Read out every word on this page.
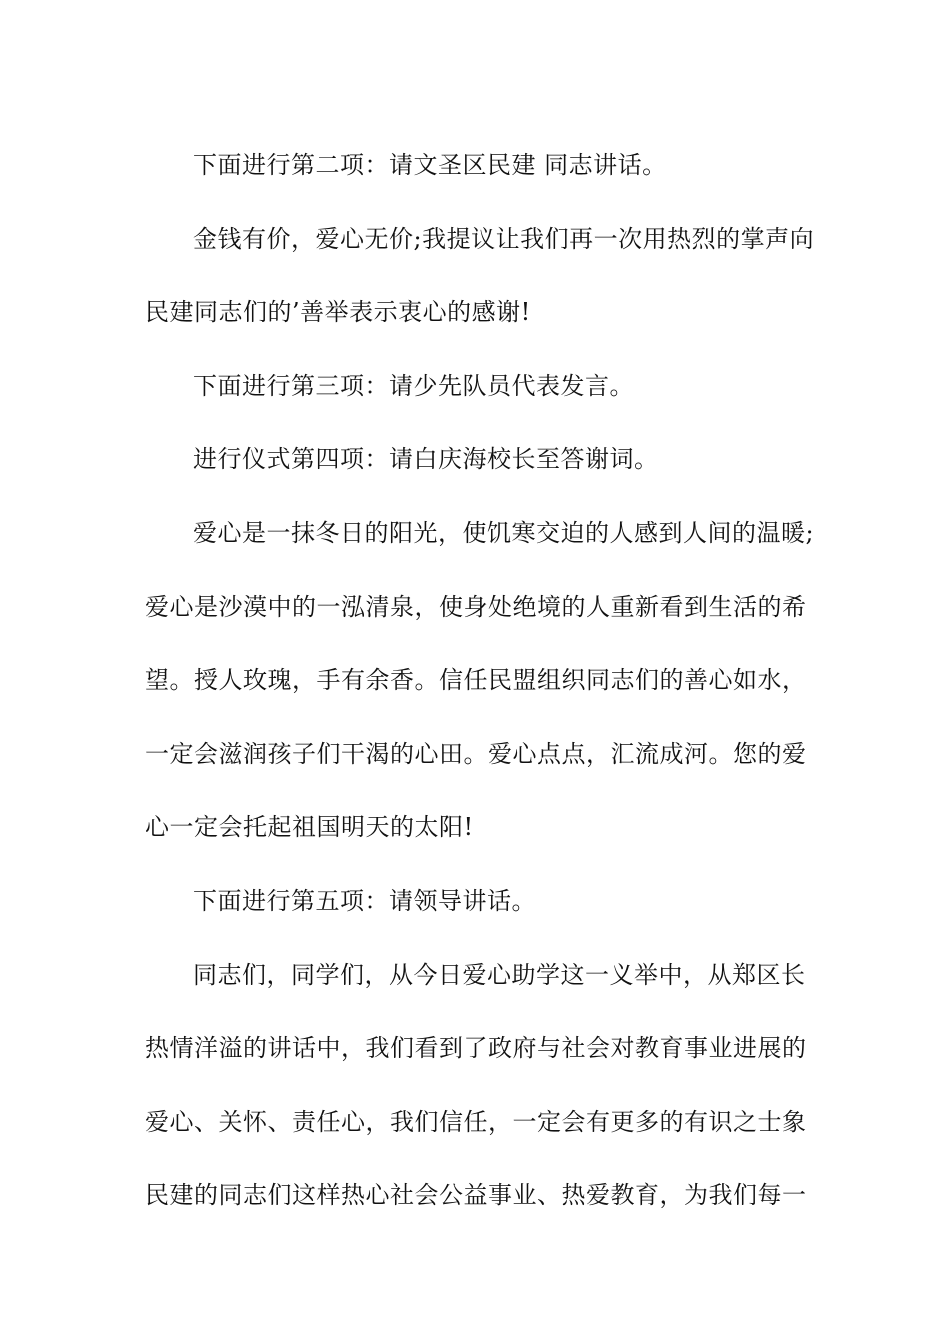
下面进行第二项：请文圣区民建 同志讲话。
金钱有价，爱心无价;我提议让我们再一次用热烈的掌声向
民建同志们的’善举表示衷心的感谢!
下面进行第三项：请少先队员代表发言。
进行仪式第四项：请白庆海校长至答谢词。
爱心是一抹冬日的阳光，使饥寒交迫的人感到人间的温暖;
爱心是沙漠中的一泓清泉，使身处绝境的人重新看到生活的希
望。授人玫瑰，手有余香。信任民盟组织同志们的善心如水，
一定会滋润孩子们干渴的心田。爱心点点，汇流成河。您的爱
心一定会托起祖国明天的太阳!
下面进行第五项：请领导讲话。
同志们，同学们，从今日爱心助学这一义举中，从郑区长
热情洋溢的讲话中，我们看到了政府与社会对教育事业进展的
爱心、关怀、责任心，我们信任，一定会有更多的有识之士象
民建的同志们这样热心社会公益事业、热爱教育，为我们每一
